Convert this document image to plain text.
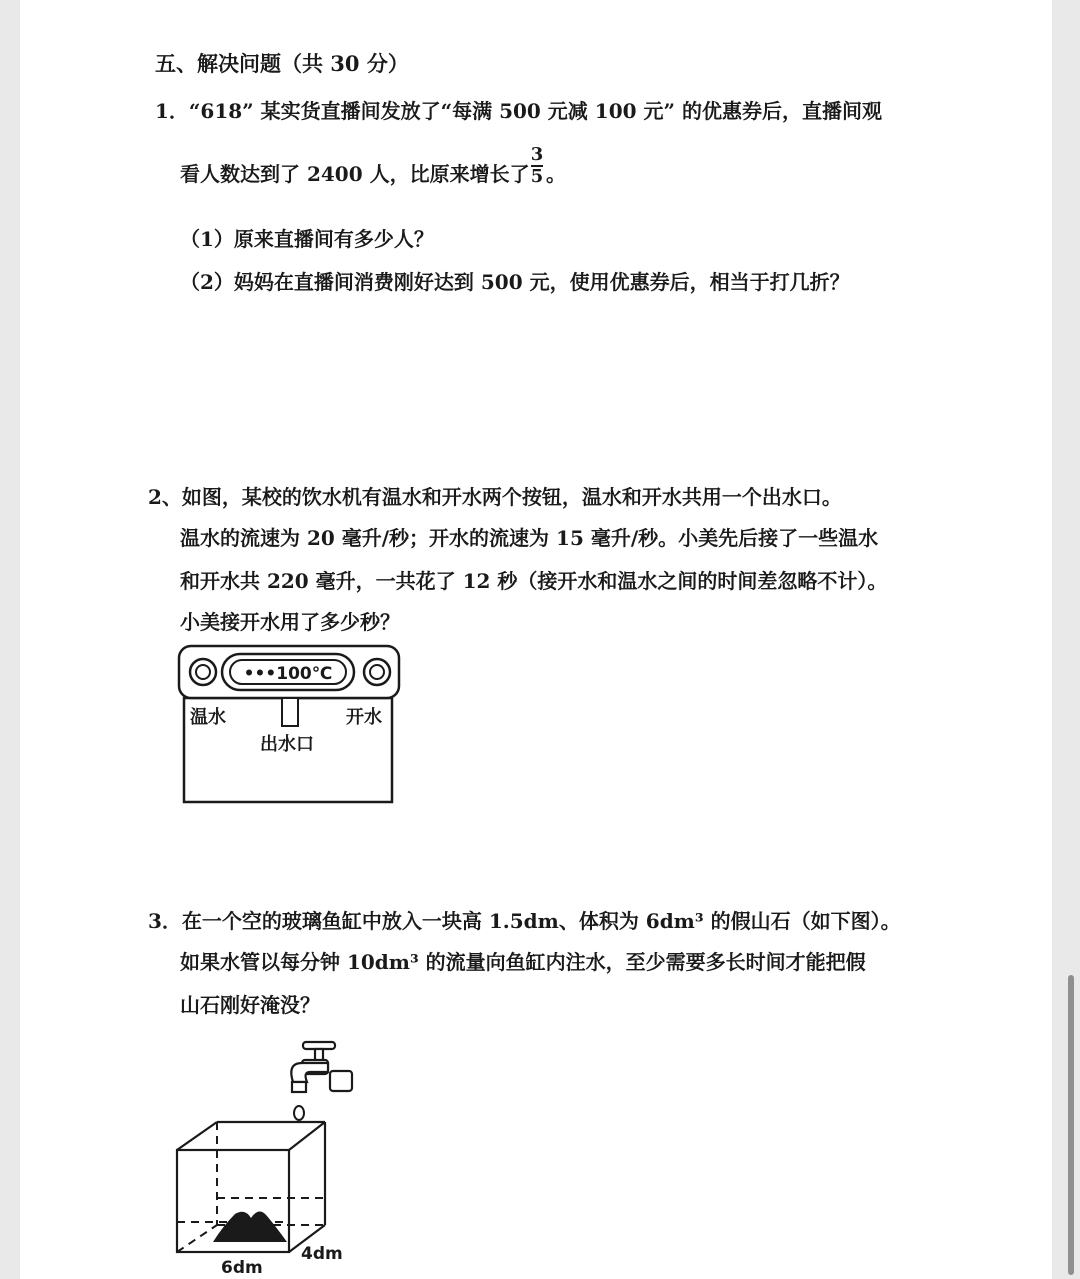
五、解决问题（共 30 分）
1．“618” 某实货直播间发放了“每满 500 元减 100 元” 的优惠券后，直播间观
看人数达到了 2400 人，比原来增长了
3
5 。
（1）原来直播间有多少人？
（2）妈妈在直播间消费刚好达到 500 元，使用优惠券后，相当于打几折？
2、如图，某校的饮水机有温水和开水两个按钮，温水和开水共用一个出水口。
温水的流速为 20 毫升/秒；开水的流速为 15 毫升/秒。小美先后接了一些温水
和开水共 220 毫升，一共花了 12 秒（接开水和温水之间的时间差忽略不计）。
小美接开水用了多少秒？
•••100℃
温水	开水
出水口
3．在一个空的玻璃鱼缸中放入一块高 1.5dm、体积为 6dm³ 的假山石（如下图）。
如果水管以每分钟 10dm³ 的流量向鱼缸内注水，至少需要多长时间才能把假
山石刚好淹没？
6dm
4dm
